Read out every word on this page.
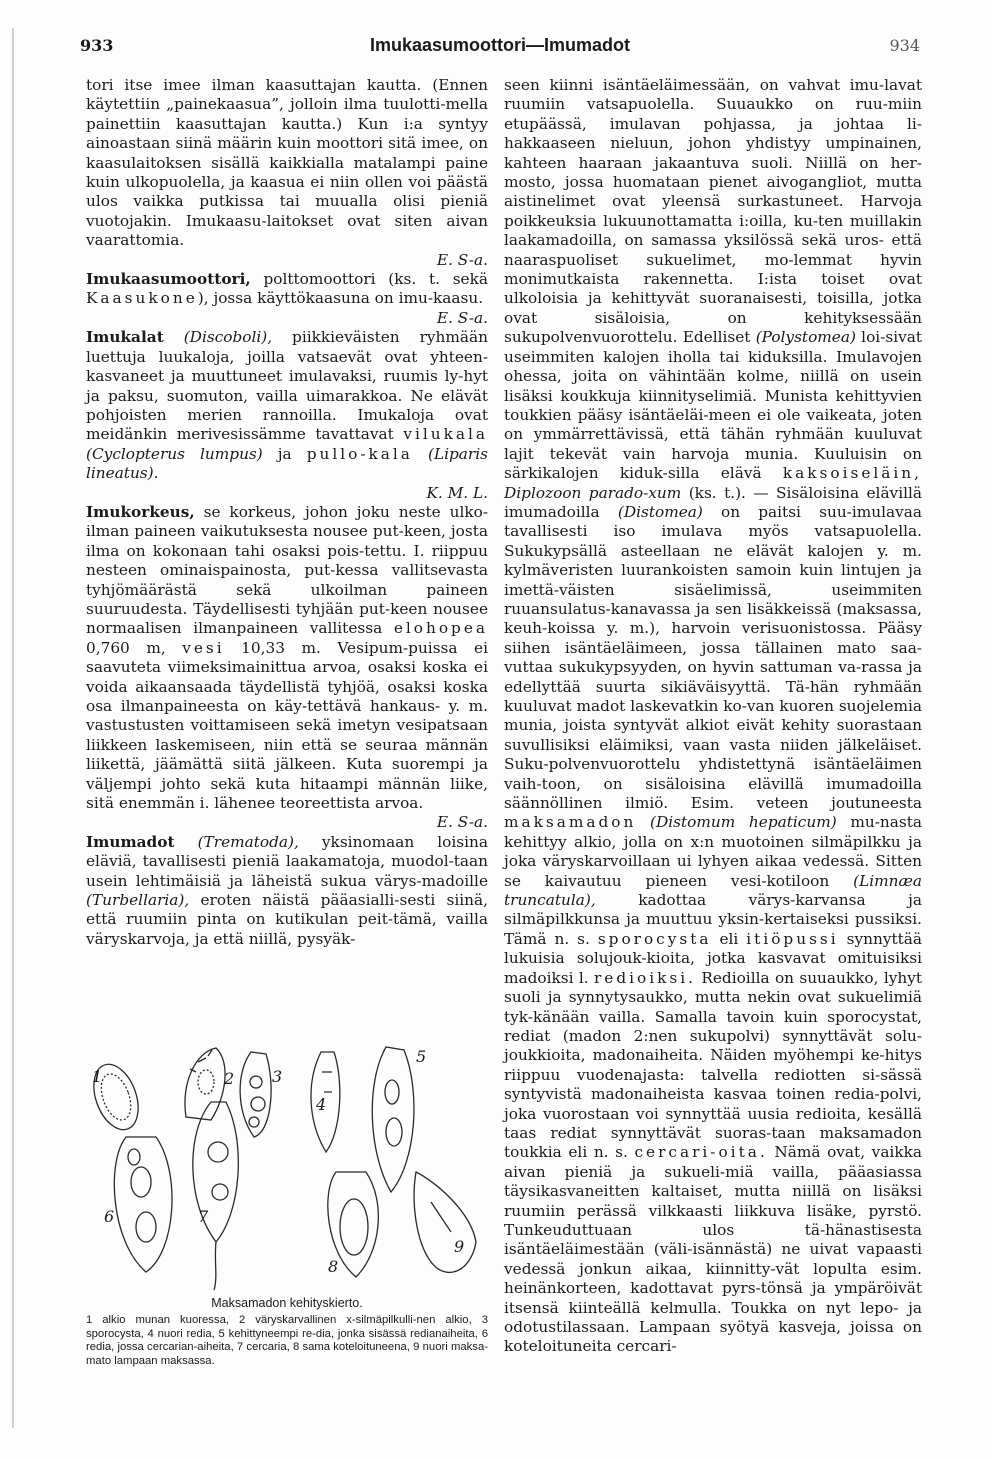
933	Imukaasumoottori—Imumadot	934

tori itse imee ilman kaasuttajan kautta. (Ennen käytettiin „painekaasua”, jolloin ilma tuulotti-mella painettiin kaasuttajan kautta.) Kun i:a syntyy ainoastaan siinä määrin kuin moottori sitä imee, on kaasulaitoksen sisällä kaikkialla matalampi paine kuin ulkopuolella, ja kaasua ei niin ollen voi päästä ulos vaikka putkissa tai muualla olisi pieniä vuotojakin. Imukaasu-laitokset ovat siten aivan vaarattomia.
E. S-a.

Imukaasumoottori, polttomoottori (ks. t. sekä Kaasukone), jossa käyttökaasuna on imu-kaasu.
E. S-a.

Imukalat (Discoboli), piikkieväisten ryhmään luettuja luukaloja, joilla vatsaevät ovat yhteen-kasvaneet ja muuttuneet imulavaksi, ruumis ly-hyt ja paksu, suomuton, vailla uimarakkoa. Ne elävät pohjoisten merien rannoilla. Imukaloja ovat meidänkin merivesissämme tavattavat vilukala (Cyclopterus lumpus) ja pullo-kala (Liparis lineatus).
K. M. L.

Imukorkeus, se korkeus, johon joku neste ulko-ilman paineen vaikutuksesta nousee put-keen, josta ilma on kokonaan tahi osaksi pois-tettu. I. riippuu nesteen ominaispainosta, put-kessa vallitsevasta tyhjömäärästä sekä ulkoilman paineen suuruudesta. Täydellisesti tyhjään put-keen nousee normaalisen ilmanpaineen vallitessa elohopea 0,760 m, vesi 10,33 m. Vesipum-puissa ei saavuteta viimeksimainittua arvoa, osaksi koska ei voida aikaansaada täydellistä tyhjöä, osaksi koska osa ilmanpaineesta on käy-tettävä hankaus- y. m. vastustusten voittamiseen sekä imetyn vesipatsaan liikkeen laskemiseen, niin että se seuraa männän liikettä, jäämättä siitä jälkeen. Kuta suorempi ja väljempi johto sekä kuta hitaampi männän liike, sitä enemmän i. lähenee teoreettista arvoa.
E. S-a.

Imumadot (Trematoda), yksinomaan loisina eläviä, tavallisesti pieniä laakamatoja, muodol-taan usein lehtimäisiä ja läheistä sukua värys-madoille (Turbellaria), eroten näistä pääasialli-sesti siinä, että ruumiin pinta on kutikulan peit-tämä, vailla väryskarvoja, ja että niillä, pysyäk-

1	2 3
4
5
6	7
8
9
Maksamadon kehityskierto.
1 alkio munan kuoressa, 2 väryskarvallinen x-silmäpilkulli-nen alkio, 3 sporocysta, 4 nuori redia, 5 kehittyneempi re-dia, jonka sisässä redianaiheita, 6 redia, jossa cercarian-aiheita, 7 cercaria, 8 sama koteloituneena, 9 nuori maksa-mato lampaan maksassa.

seen kiinni isäntäeläimessään, on vahvat imu-lavat ruumiin vatsapuolella. Suuaukko on ruu-miin etupäässä, imulavan pohjassa, ja johtaa li-hakkaaseen nieluun, johon yhdistyy umpinainen, kahteen haaraan jakaantuva suoli. Niillä on her-mosto, jossa huomataan pienet aivogangliot, mutta aistinelimet ovat yleensä surkastuneet. Harvoja poikkeuksia lukuunottamatta i:oilla, ku-ten muillakin laakamadoilla, on samassa yksilössä sekä uros- että naaraspuoliset sukuelimet, mo-lemmat hyvin monimutkaista rakennetta. I:ista toiset ovat ulkoloisia ja kehittyvät suoranaisesti, toisilla, jotka ovat sisäloisia, on kehityksessään sukupolvenvuorottelu. Edelliset (Polystomea) loi-sivat useimmiten kalojen iholla tai kiduksilla. Imulavojen ohessa, joita on vähintään kolme, niillä on usein lisäksi koukkuja kiinnityselimiä. Munista kehittyvien toukkien pääsy isäntäeläi-meen ei ole vaikeata, joten on ymmärrettävissä, että tähän ryhmään kuuluvat lajit tekevät vain harvoja munia. Kuuluisin on särkikalojen kiduk-silla elävä kaksoiseläin, Diplozoon parado-xum (ks. t.). — Sisäloisina elävillä imumadoilla (Distomea) on paitsi suu-imulavaa tavallisesti iso imulava myös vatsapuolella. Sukukypsällä asteellaan ne elävät kalojen y. m. kylmäveristen luurankoisten samoin kuin lintujen ja imettä-väisten sisäelimissä, useimmiten ruuansulatus-kanavassa ja sen lisäkkeissä (maksassa, keuh-koissa y. m.), harvoin verisuonistossa. Pääsy siihen isäntäeläimeen, jossa tällainen mato saa-vuttaa sukukypsyyden, on hyvin sattuman va-rassa ja edellyttää suurta sikiäväisyyttä. Tä-hän ryhmään kuuluvat madot laskevatkin ko-van kuoren suojelemia munia, joista syntyvät alkiot eivät kehity suorastaan suvullisiksi eläimiksi, vaan vasta niiden jälkeläiset. Suku-polvenvuorottelu yhdistettynä isäntäeläimen vaih-toon, on sisäloisina elävillä imumadoilla säännöllinen ilmiö. Esim. veteen joutuneesta maksamadon (Distomum hepaticum) mu-nasta kehittyy alkio, jolla on x:n muotoinen silmäpilkku ja joka väryskarvoillaan ui lyhyen aikaa vedessä. Sitten se kaivautuu pieneen vesi-kotiloon (Limnæa truncatula), kadottaa värys-karvansa ja silmäpilkkunsa ja muuttuu yksin-kertaiseksi pussiksi. Tämä n. s. sporocysta eli itiöpussi synnyttää lukuisia solujouk-kioita, jotka kasvavat omituisiksi madoiksi l. redioiksi. Redioilla on suuaukko, lyhyt suoli ja synnytysaukko, mutta nekin ovat sukuelimiä tyk-känään vailla. Samalla tavoin kuin sporocystat, rediat (madon 2:nen sukupolvi) synnyttävät solu-joukkioita, madonaiheita. Näiden myöhempi ke-hitys riippuu vuodenajasta: talvella rediotten si-sässä syntyvistä madonaiheista kasvaa toinen redia-polvi, joka vuorostaan voi synnyttää uusia redioita, kesällä taas rediat synnyttävät suoras-taan maksamadon toukkia eli n. s. cercari-oita. Nämä ovat, vaikka aivan pieniä ja sukueli-miä vailla, pääasiassa täysikasvaneitten kaltaiset, mutta niillä on lisäksi ruumiin perässä vilkkaasti liikkuva lisäke, pyrstö. Tunkeuduttuaan ulos tä-hänastisesta isäntäeläimestään (väli-isännästä) ne uivat vapaasti vedessä jonkun aikaa, kiinnitty-vät lopulta esim. heinänkorteen, kadottavat pyrs-tönsä ja ympäröivät itsensä kiinteällä kelmulla. Toukka on nyt lepo- ja odotustilassaan. Lampaan syötyä kasveja, joissa on koteloituneita cercari-
